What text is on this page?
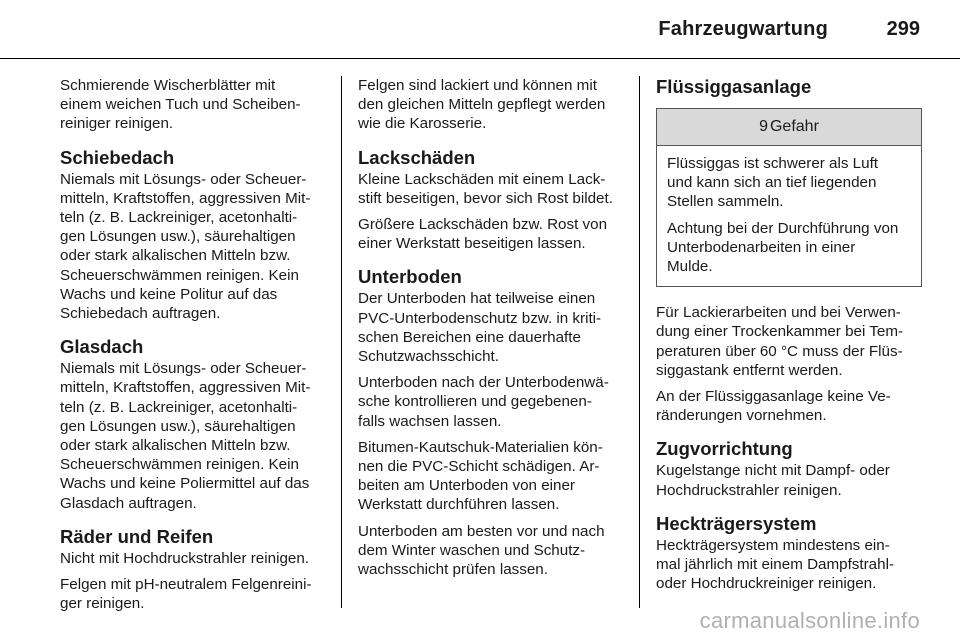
Fahrzeugwartung	299

Schmierende Wischerblätter mit
einem weichen Tuch und Scheiben-
reiniger reinigen.

Schiebedach

Niemals mit Lösungs- oder Scheuer-
mitteln, Kraftstoffen, aggressiven Mit-
teln (z. B. Lackreiniger, acetonhalti-
gen Lösungen usw.), säurehaltigen
oder stark alkalischen Mitteln bzw.
Scheuerschwämmen reinigen. Kein
Wachs und keine Politur auf das
Schiebedach auftragen.

Glasdach

Niemals mit Lösungs- oder Scheuer-
mitteln, Kraftstoffen, aggressiven Mit-
teln (z. B. Lackreiniger, acetonhalti-
gen Lösungen usw.), säurehaltigen
oder stark alkalischen Mitteln bzw.
Scheuerschwämmen reinigen. Kein
Wachs und keine Poliermittel auf das
Glasdach auftragen.

Räder und Reifen

Nicht mit Hochdruckstrahler reinigen.

Felgen mit pH-neutralem Felgenreini-
ger reinigen.

Felgen sind lackiert und können mit
den gleichen Mitteln gepflegt werden
wie die Karosserie.

Lackschäden

Kleine Lackschäden mit einem Lack-
stift beseitigen, bevor sich Rost bildet.

Größere Lackschäden bzw. Rost von
einer Werkstatt beseitigen lassen.

Unterboden

Der Unterboden hat teilweise einen
PVC-Unterbodenschutz bzw. in kriti-
schen Bereichen eine dauerhafte
Schutzwachsschicht.

Unterboden nach der Unterbodenwä-
sche kontrollieren und gegebenen-
falls wachsen lassen.

Bitumen-Kautschuk-Materialien kön-
nen die PVC-Schicht schädigen. Ar-
beiten am Unterboden von einer
Werkstatt durchführen lassen.

Unterboden am besten vor und nach
dem Winter waschen und Schutz-
wachsschicht prüfen lassen.

Flüssiggasanlage
9 Gefahr

Flüssiggas ist schwerer als Luft
und kann sich an tief liegenden
Stellen sammeln.

Achtung bei der Durchführung von
Unterbodenarbeiten in einer
Mulde.

Für Lackierarbeiten und bei Verwen-
dung einer Trockenkammer bei Tem-
peraturen über 60 °C muss der Flüs-
siggastank entfernt werden.

An der Flüssiggasanlage keine Ve-
ränderungen vornehmen.

Zugvorrichtung

Kugelstange nicht mit Dampf- oder
Hochdruckstrahler reinigen.

Heckträgersystem

Heckträgersystem mindestens ein-
mal jährlich mit einem Dampfstrahl-
oder Hochdruckreiniger reinigen.

carmanualsonline.info
